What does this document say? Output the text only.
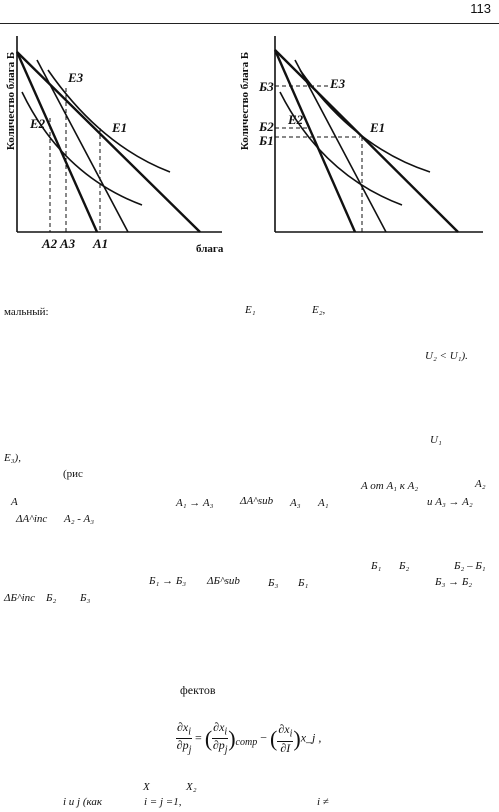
113
Количество блага Б	E3
E2	E1
A2 A3 A1	блага
Количество блага Б	E3
E2
E1
Б3
Б2
Б1
мальный:	E₁	E₂,
U₂ < U₁).
U₁
E₃),
(рис
A от A₁ к A₂	A₂
A	A₁ → A₃ ΔA^sub A₃ A₁	и A₃ → A₂
ΔA^inc A₂ - A₃
Б₁ Б₂	Б₂ – Б₁
Б₁ → Б₃ ΔБ^sub	Б₃ Б₁	Б₃ → Б₂
ΔБ^inc Б₂ Б₃
фектов
$\frac{\partial x_i}{\partial p_j}$ = ( $\frac{\partial x_i}{\partial p_j} )_{comp}$ − ( $\frac{\partial x_i}{\partial I}$ )x_j ,
X	X₂
i и j (как	i = j =1,	i ≠
